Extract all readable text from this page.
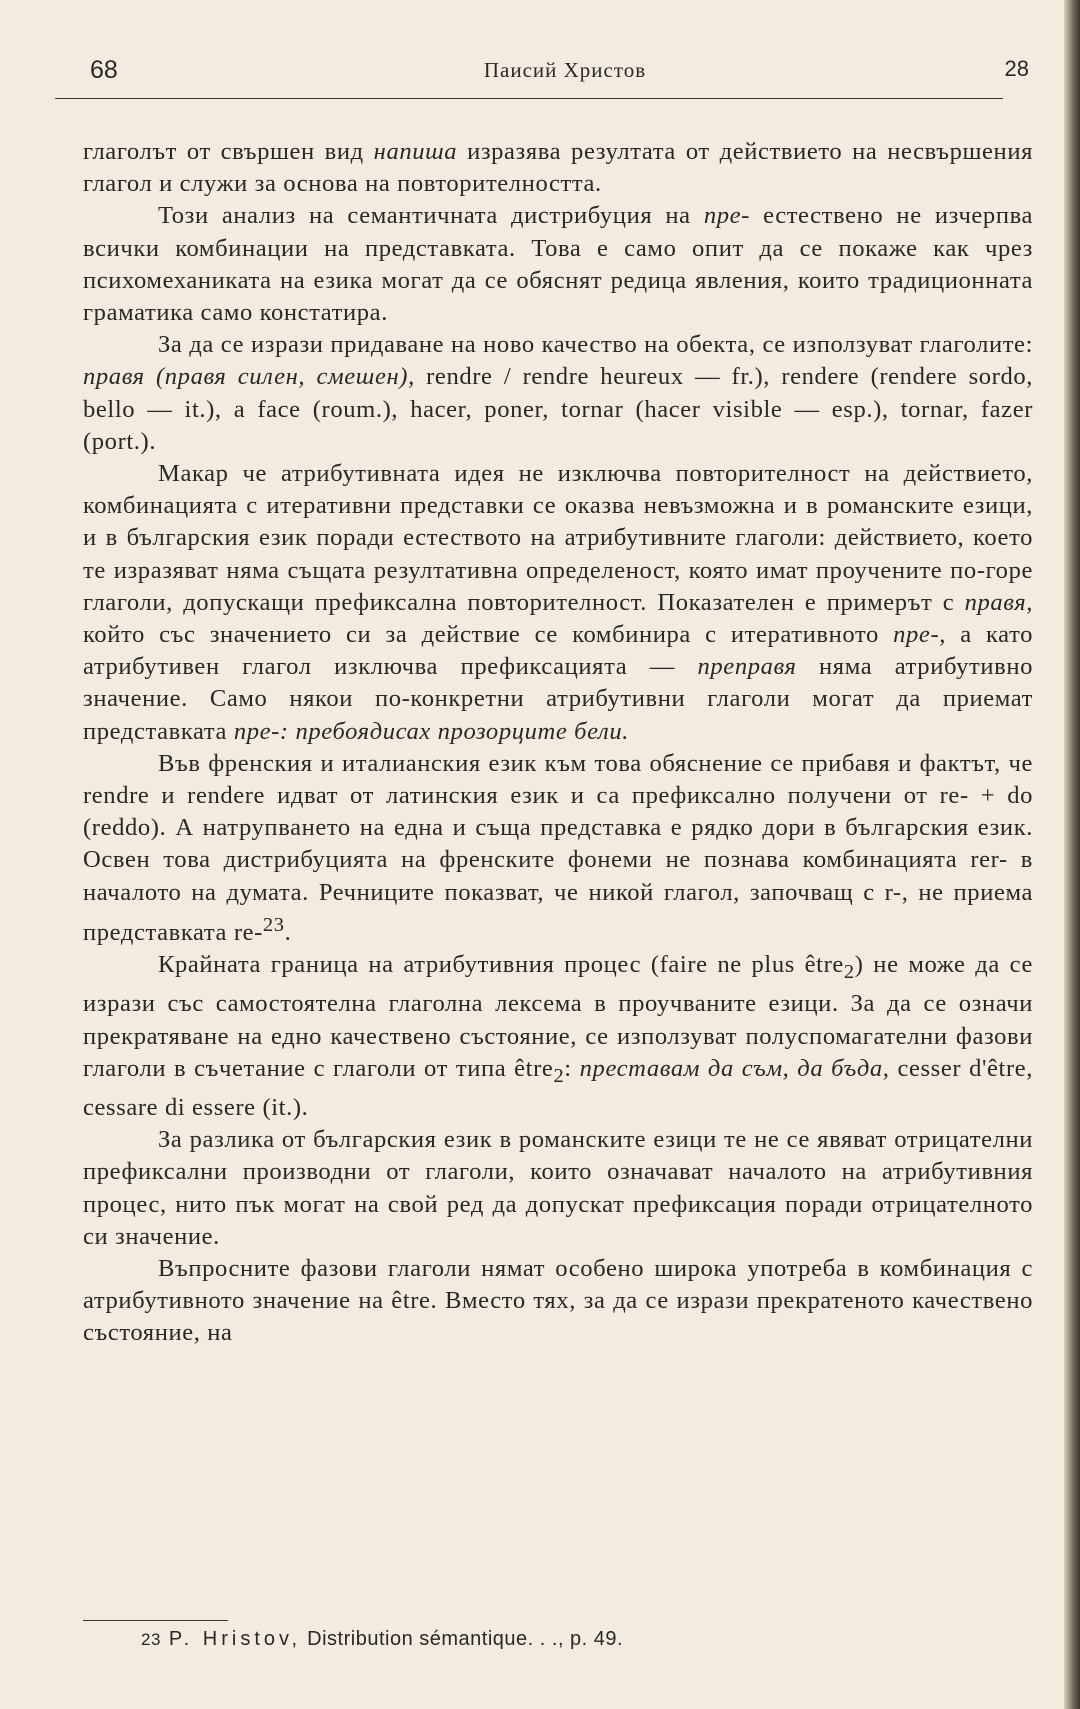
68	Паисий Христов	28

глаголът от свършен вид напиша изразява резултата от действието на несвършения глагол и служи за основа на повторителността.

Този анализ на семантичната дистрибуция на пре- естествено не изчерпва всички комбинации на представката. Това е само опит да се покаже как чрез психомеханиката на езика могат да се обяснят редица явления, които традиционната граматика само констатира.

За да се изрази придаване на ново качество на обекта, се използуват глаголите: правя (правя силен, смешен), rendre / rendre heureux — fr.), rendere (rendere sordo, bello — it.), a face (roum.), hacer, poner, tornar (hacer visible — esp.), tornar, fazer (port.).

Макар че атрибутивната идея не изключва повторителност на действието, комбинацията с итеративни представки се оказва невъзможна и в романските езици, и в българския език поради естеството на атрибутивните глаголи: действието, което те изразяват няма същата резултативна определеност, която имат проучените по-горе глаголи, допускащи префиксална повторителност. Показателен е примерът с правя, който със значението си за действие се комбинира с итеративното пре-, а като атрибутивен глагол изключва префиксацията — преправя няма атрибутивно значение. Само някои по-конкретни атрибутивни глаголи могат да приемат представката пре-: пребоядисах прозорците бели.

Във френския и италианския език към това обяснение се прибавя и фактът, че rendre и rendere идват от латинския език и са префиксално получени от re- + do (reddo). А натрупването на една и съща представка е рядко дори в българския език. Освен това дистрибуцията на френските фонеми не познава комбинацията rer- в началото на думата. Речниците показват, че никой глагол, започващ с r-, не приема представката re-$^{23}$.

Крайната граница на атрибутивния процес (faire ne plus être$_2$) не може да се изрази със самостоятелна глаголна лексема в проучваните езици. За да се означи прекратяване на едно качествено състояние, се използуват полуспомагателни фазови глаголи в съчетание с глаголи от типа être$_2$: преставам да съм, да бъда, cesser d'être, cessare di essere (it.).

За разлика от българския език в романските езици те не се явяват отрицателни префиксални производни от глаголи, които означават началото на атрибутивния процес, нито пък могат на свой ред да допускат префиксация поради отрицателното си значение.

Въпросните фазови глаголи нямат особено широка употреба в комбинация с атрибутивното значение на être. Вместо тях, за да се изрази прекратеното качествено състояние, на

23 P. Hristov, Distribution sémantique. . ., p. 49.
